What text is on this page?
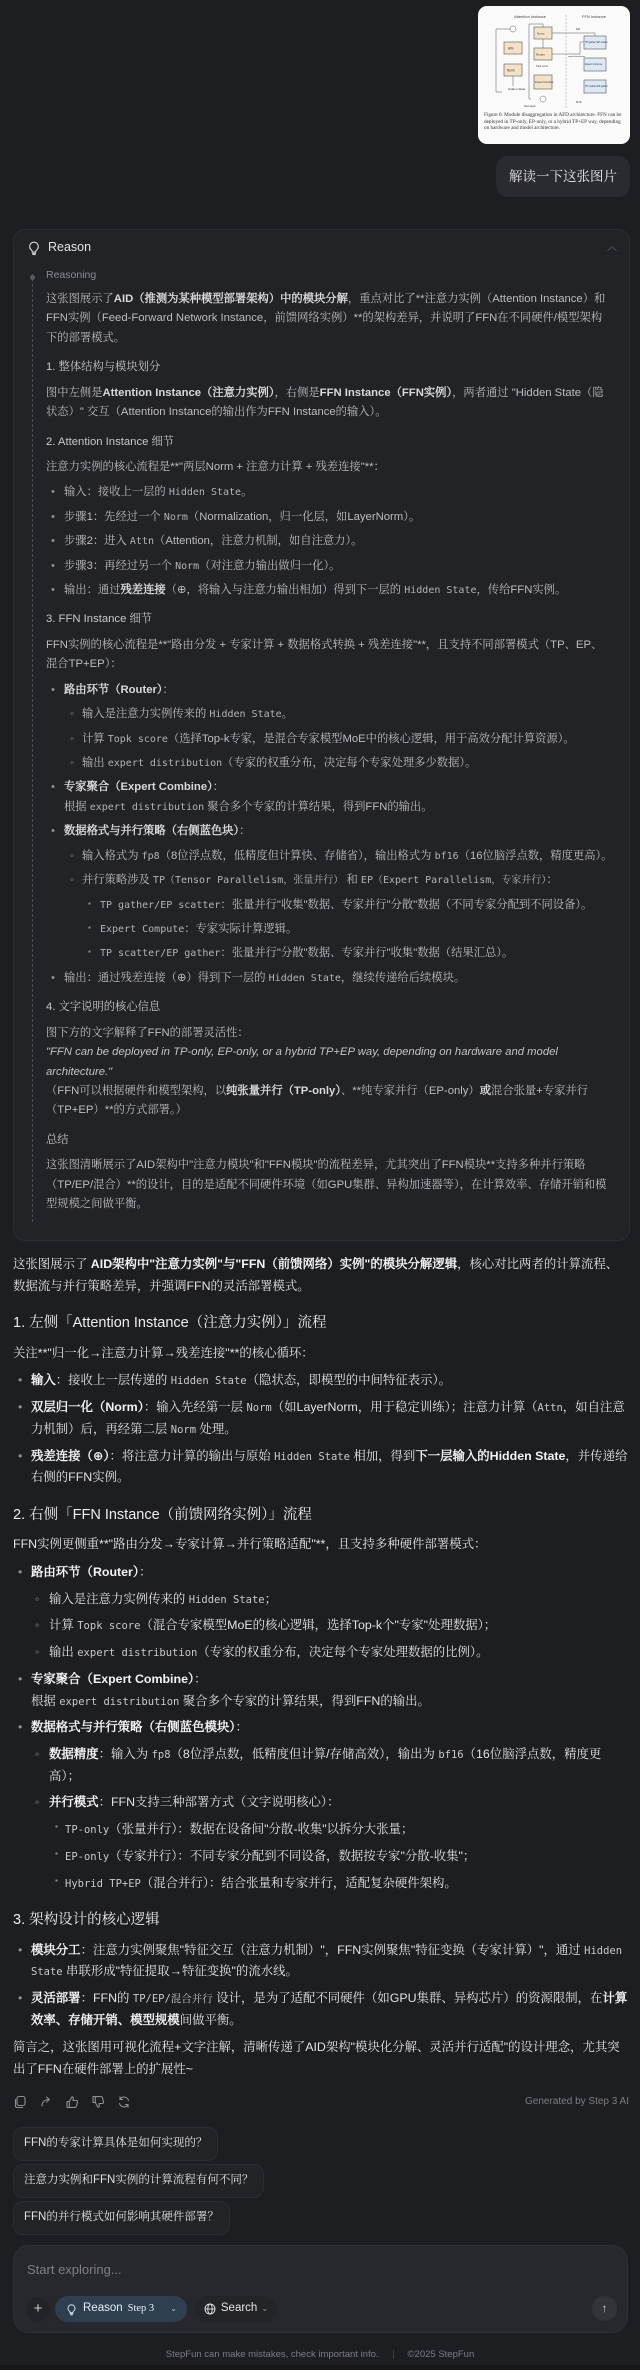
Attention Instance	FFN Instance
Attn
Norm
Hidden State
Norm
Router
Expert Combine
Topk score
Next layer
TP gather/ EP scatter
Expert Compute
TP scatter/ EP gather
fp8
bf16
expert distribution
Figure 6: Module disaggregation in AFD architecture. FFN can be deployed in TP-only, EP-only, or a hybrid TP+EP way, depending on hardware and model architecture.
解读一下这张图片
Reason	︿
Reasoning

这张图展示了AID（推测为某种模型部署架构）中的模块分解，重点对比了**注意力实例（Attention Instance）和FFN实例（Feed-Forward Network Instance，前馈网络实例）**的架构差异，并说明了FFN在不同硬件/模型架构下的部署模式。

1. 整体结构与模块划分

图中左侧是Attention Instance（注意力实例），右侧是FFN Instance（FFN实例），两者通过 "Hidden State（隐状态）" 交互（Attention Instance的输出作为FFN Instance的输入）。

2. Attention Instance 细节

注意力实例的核心流程是**"两层Norm + 注意力计算 + 残差连接"**：

• 输入：接收上一层的 Hidden State。
• 步骤1：先经过一个 Norm（Normalization，归一化层，如LayerNorm）。
• 步骤2：进入 Attn（Attention，注意力机制，如自注意力）。
• 步骤3：再经过另一个 Norm（对注意力输出做归一化）。
• 输出：通过残差连接（⊕，将输入与注意力输出相加）得到下一层的 Hidden State，传给FFN实例。
3. FFN Instance 细节

FFN实例的核心流程是**"路由分发 + 专家计算 + 数据格式转换 + 残差连接"**，且支持不同部署模式（TP、EP、混合TP+EP）：

• 路由环节（Router）：
◦ 输入是注意力实例传来的 Hidden State。
◦ 计算 Topk score（选择Top-k专家，是混合专家模型MoE中的核心逻辑，用于高效分配计算资源）。
◦ 输出 expert distribution（专家的权重分布，决定每个专家处理多少数据）。
• 专家聚合（Expert Combine）：
根据 expert distribution 聚合多个专家的计算结果，得到FFN的输出。
• 数据格式与并行策略（右侧蓝色块）：
◦ 输入格式为 fp8（8位浮点数，低精度但计算快、存储省），输出格式为 bf16（16位脑浮点数，精度更高）。
◦ 并行策略涉及 TP（Tensor Parallelism，张量并行） 和 EP（Expert Parallelism，专家并行）：
▪ TP gather/EP scatter：张量并行"收集"数据、专家并行"分散"数据（不同专家分配到不同设备）。
▪ Expert Compute：专家实际计算逻辑。
▪ TP scatter/EP gather：张量并行"分散"数据、专家并行"收集"数据（结果汇总）。
• 输出：通过残差连接（⊕）得到下一层的 Hidden State，继续传递给后续模块。
4. 文字说明的核心信息

图下方的文字解释了FFN的部署灵活性：
"FFN can be deployed in TP-only, EP-only, or a hybrid TP+EP way, depending on hardware and model architecture."
（FFN可以根据硬件和模型架构，以纯张量并行（TP-only）、**纯专家并行（EP-only）或混合张量+专家并行（TP+EP）**的方式部署。）

总结

这张图清晰展示了AID架构中"注意力模块"和"FFN模块"的流程差异，尤其突出了FFN模块**支持多种并行策略（TP/EP/混合）**的设计，目的是适配不同硬件环境（如GPU集群、异构加速器等），在计算效率、存储开销和模型规模之间做平衡。

这张图展示了 AID架构中"注意力实例"与"FFN（前馈网络）实例"的模块分解逻辑，核心对比两者的计算流程、数据流与并行策略差异，并强调FFN的灵活部署模式。

1. 左侧「Attention Instance（注意力实例）」流程

关注**"归一化→注意力计算→残差连接"**的核心循环：

• 输入：接收上一层传递的 Hidden State（隐状态，即模型的中间特征表示）。
• 双层归一化（Norm）：输入先经第一层 Norm（如LayerNorm，用于稳定训练）；注意力计算（Attn，如自注意力机制）后，再经第二层 Norm 处理。
• 残差连接（⊕）：将注意力计算的输出与原始 Hidden State 相加，得到下一层输入的Hidden State，并传递给右侧的FFN实例。
2. 右侧「FFN Instance（前馈网络实例）」流程

FFN实例更侧重**"路由分发→专家计算→并行策略适配"**，且支持多种硬件部署模式：

• 路由环节（Router）：
◦ 输入是注意力实例传来的 Hidden State；
◦ 计算 Topk score（混合专家模型MoE的核心逻辑，选择Top-k个"专家"处理数据）；
◦ 输出 expert distribution（专家的权重分布，决定每个专家处理数据的比例）。
• 专家聚合（Expert Combine）：
根据 expert distribution 聚合多个专家的计算结果，得到FFN的输出。
• 数据格式与并行策略（右侧蓝色模块）：
◦ 数据精度：输入为 fp8（8位浮点数，低精度但计算/存储高效），输出为 bf16（16位脑浮点数，精度更高）；
◦ 并行模式：FFN支持三种部署方式（文字说明核心）：
▪ TP-only（张量并行）：数据在设备间"分散-收集"以拆分大张量；
▪ EP-only（专家并行）：不同专家分配到不同设备，数据按专家"分散-收集"；
▪ Hybrid TP+EP（混合并行）：结合张量和专家并行，适配复杂硬件架构。
3. 架构设计的核心逻辑
• 模块分工：注意力实例聚焦"特征交互（注意力机制）"，FFN实例聚焦"特征变换（专家计算）"，通过 Hidden State 串联形成"特征提取→特征变换"的流水线。
• 灵活部署：FFN的 TP/EP/混合并行 设计，是为了适配不同硬件（如GPU集群、异构芯片）的资源限制，在计算效率、存储开销、模型规模间做平衡。

简言之，这张图用可视化流程+文字注解，清晰传递了AID架构"模块化分解、灵活并行适配"的设计理念，尤其突出了FFN在硬件部署上的扩展性~

Generated by Step 3 AI
FFN的专家计算具体是如何实现的？
注意力实例和FFN实例的计算流程有何不同？
FFN的并行模式如何影响其硬件部署？
Start exploring...
+	Reason Step 3 ⌄	Search ⌄	↑
StepFun can make mistakes, check important info.	©2025 StepFun
